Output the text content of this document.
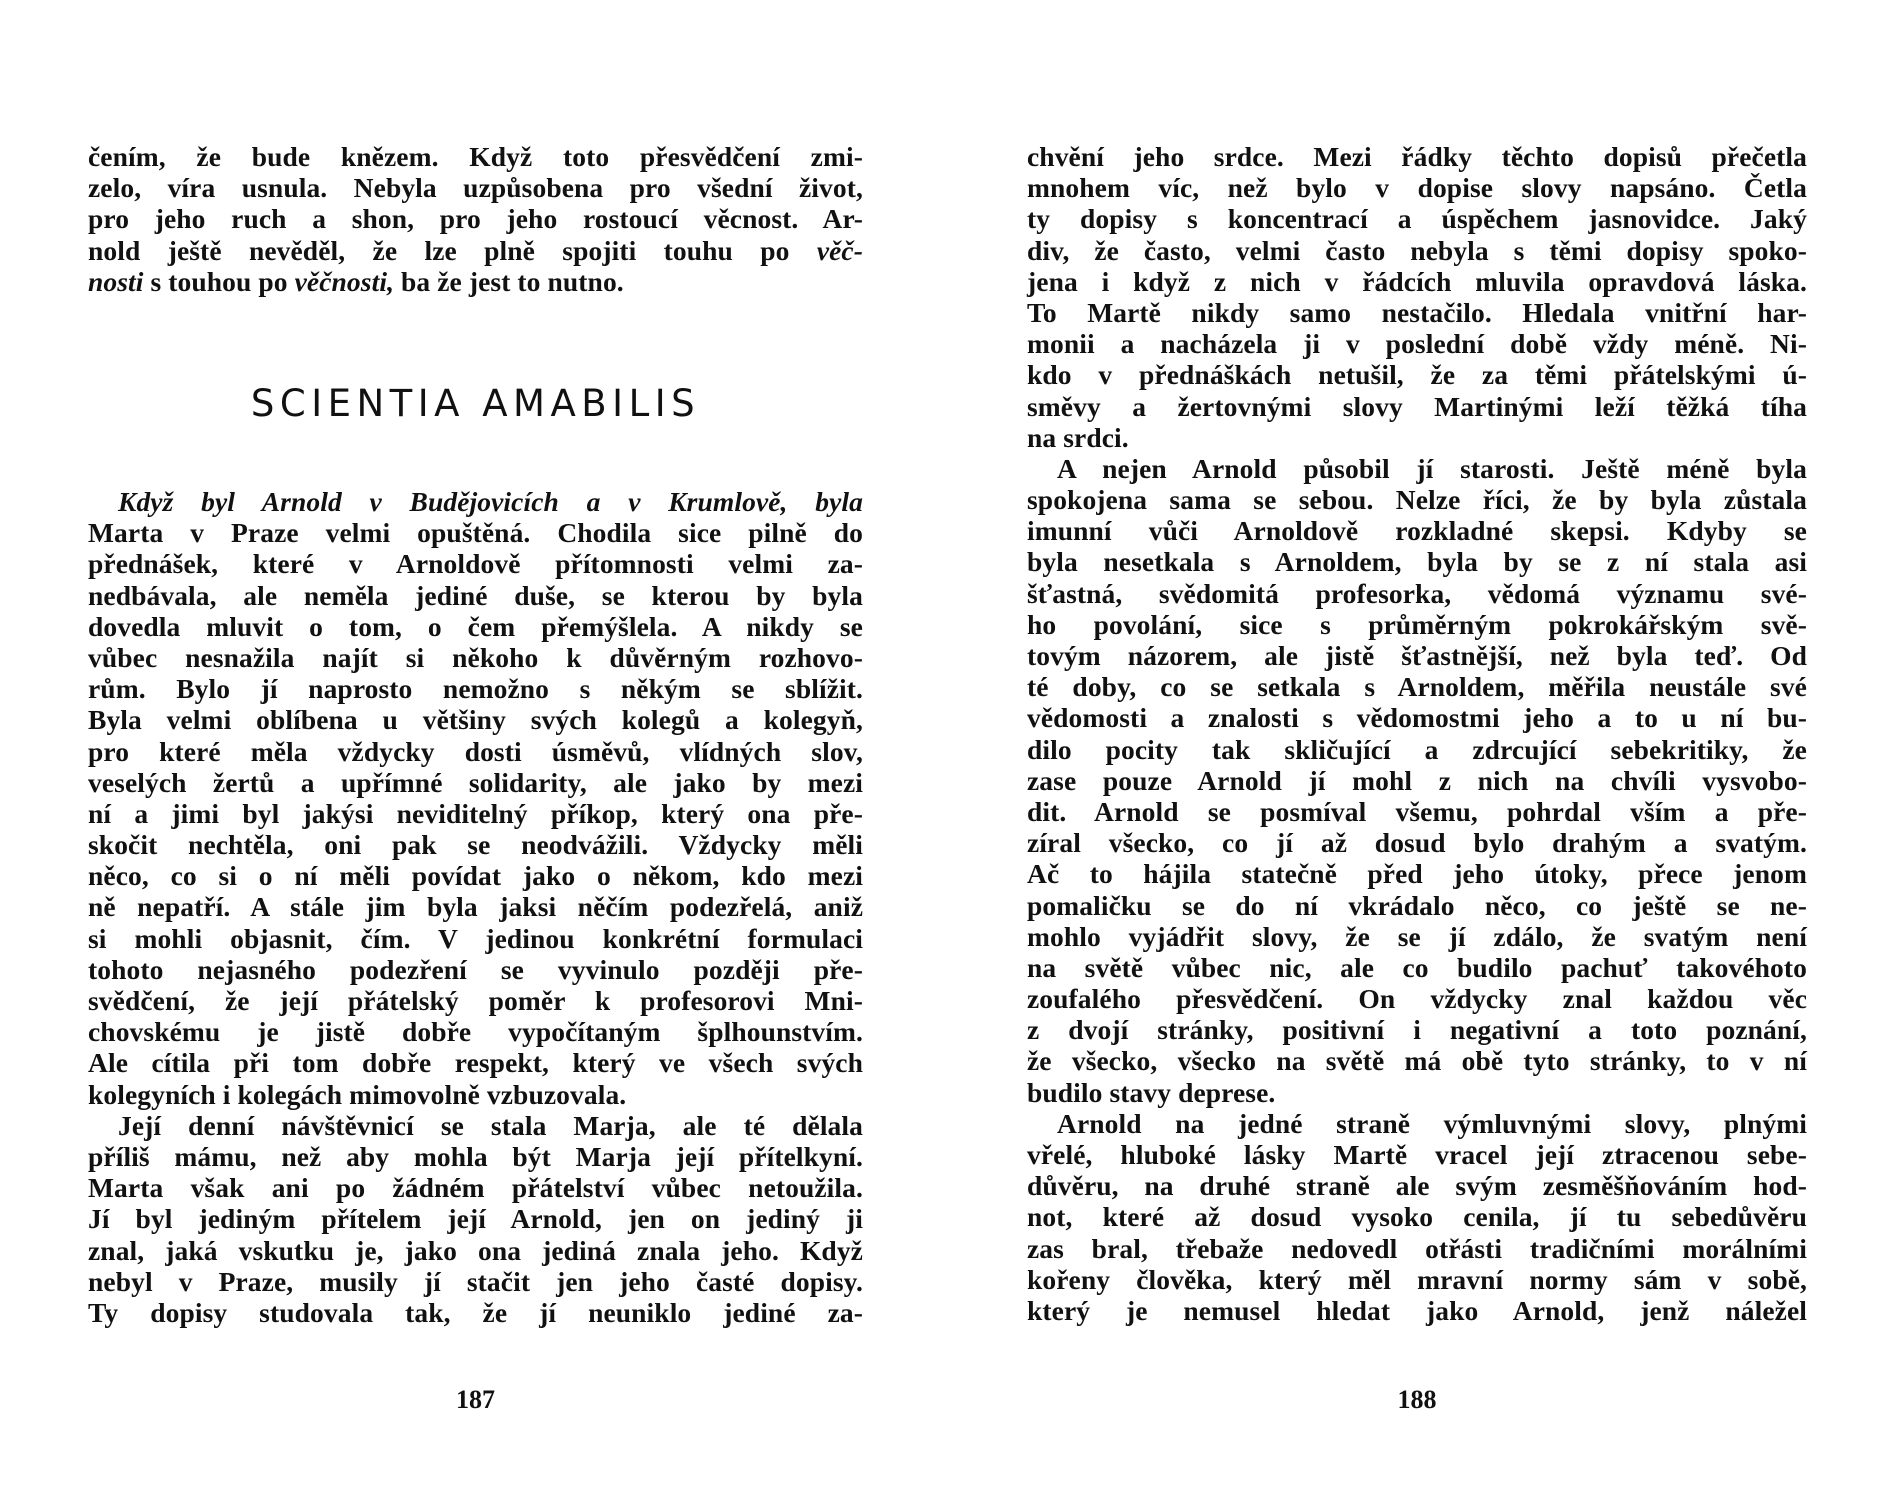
čením, že bude knězem. Když toto přesvědčení zmi-
zelo, víra usnula. Nebyla uzpůsobena pro všední život,
pro jeho ruch a shon, pro jeho rostoucí věcnost. Ar-
nold ještě nevěděl, že lze plně spojiti touhu po věč-
nosti s touhou po věčnosti, ba že jest to nutno.
SCIENTIA AMABILIS
Když byl Arnold v Budějovicích a v Krumlově, byla
Marta v Praze velmi opuštěná. Chodila sice pilně do
přednášek, které v Arnoldově přítomnosti velmi za-
nedbávala, ale neměla jediné duše, se kterou by byla
dovedla mluvit o tom, o čem přemýšlela. A nikdy se
vůbec nesnažila najít si někoho k důvěrným rozhovo-
rům. Bylo jí naprosto nemožno s někým se sblížit.
Byla velmi oblíbena u většiny svých kolegů a kolegyň,
pro které měla vždycky dosti úsměvů, vlídných slov,
veselých žertů a upřímné solidarity, ale jako by mezi
ní a jimi byl jakýsi neviditelný příkop, který ona pře-
skočit nechtěla, oni pak se neodvážili. Vždycky měli
něco, co si o ní měli povídat jako o někom, kdo mezi
ně nepatří. A stále jim byla jaksi něčím podezřelá, aniž
si mohli objasnit, čím. V jedinou konkrétní formulaci
tohoto nejasného podezření se vyvinulo později pře-
svědčení, že její přátelský poměr k profesorovi Mni-
chovskému je jistě dobře vypočítaným šplhounstvím.
Ale cítila při tom dobře respekt, který ve všech svých
kolegyních i kolegách mimovolně vzbuzovala.
Její denní návštěvnicí se stala Marja, ale té dělala
příliš mámu, než aby mohla být Marja její přítelkyní.
Marta však ani po žádném přátelství vůbec netoužila.
Jí byl jediným přítelem její Arnold, jen on jediný ji
znal, jaká vskutku je, jako ona jediná znala jeho. Když
nebyl v Praze, musily jí stačit jen jeho časté dopisy.
Ty dopisy studovala tak, že jí neuniklo jediné za-
187
chvění jeho srdce. Mezi řádky těchto dopisů přečetla
mnohem víc, než bylo v dopise slovy napsáno. Četla
ty dopisy s koncentrací a úspěchem jasnovidce. Jaký
div, že často, velmi často nebyla s těmi dopisy spoko-
jena i když z nich v řádcích mluvila opravdová láska.
To Martě nikdy samo nestačilo. Hledala vnitřní har-
monii a nacházela ji v poslední době vždy méně. Ni-
kdo v přednáškách netušil, že za těmi přátelskými ú-
směvy a žertovnými slovy Martinými leží těžká tíha
na srdci.
A nejen Arnold působil jí starosti. Ještě méně byla
spokojena sama se sebou. Nelze říci, že by byla zůstala
imunní vůči Arnoldově rozkladné skepsi. Kdyby se
byla nesetkala s Arnoldem, byla by se z ní stala asi
šťastná, svědomitá profesorka, vědomá významu své-
ho povolání, sice s průměrným pokrokářským svě-
tovým názorem, ale jistě šťastnější, než byla teď. Od
té doby, co se setkala s Arnoldem, měřila neustále své
vědomosti a znalosti s vědomostmi jeho a to u ní bu-
dilo pocity tak skličující a zdrcující sebekritiky, že
zase pouze Arnold jí mohl z nich na chvíli vysvobo-
dit. Arnold se posmíval všemu, pohrdal vším a pře-
zíral všecko, co jí až dosud bylo drahým a svatým.
Ač to hájila statečně před jeho útoky, přece jenom
pomaličku se do ní vkrádalo něco, co ještě se ne-
mohlo vyjádřit slovy, že se jí zdálo, že svatým není
na světě vůbec nic, ale co budilo pachuť takovéhoto
zoufalého přesvědčení. On vždycky znal každou věc
z dvojí stránky, positivní i negativní a toto poznání,
že všecko, všecko na světě má obě tyto stránky, to v ní
budilo stavy deprese.
Arnold na jedné straně výmluvnými slovy, plnými
vřelé, hluboké lásky Martě vracel její ztracenou sebe-
důvěru, na druhé straně ale svým zesměšňováním hod-
not, které až dosud vysoko cenila, jí tu sebedůvěru
zas bral, třebaže nedovedl otřásti tradičními morálními
kořeny člověka, který měl mravní normy sám v sobě,
který je nemusel hledat jako Arnold, jenž náležel
188
